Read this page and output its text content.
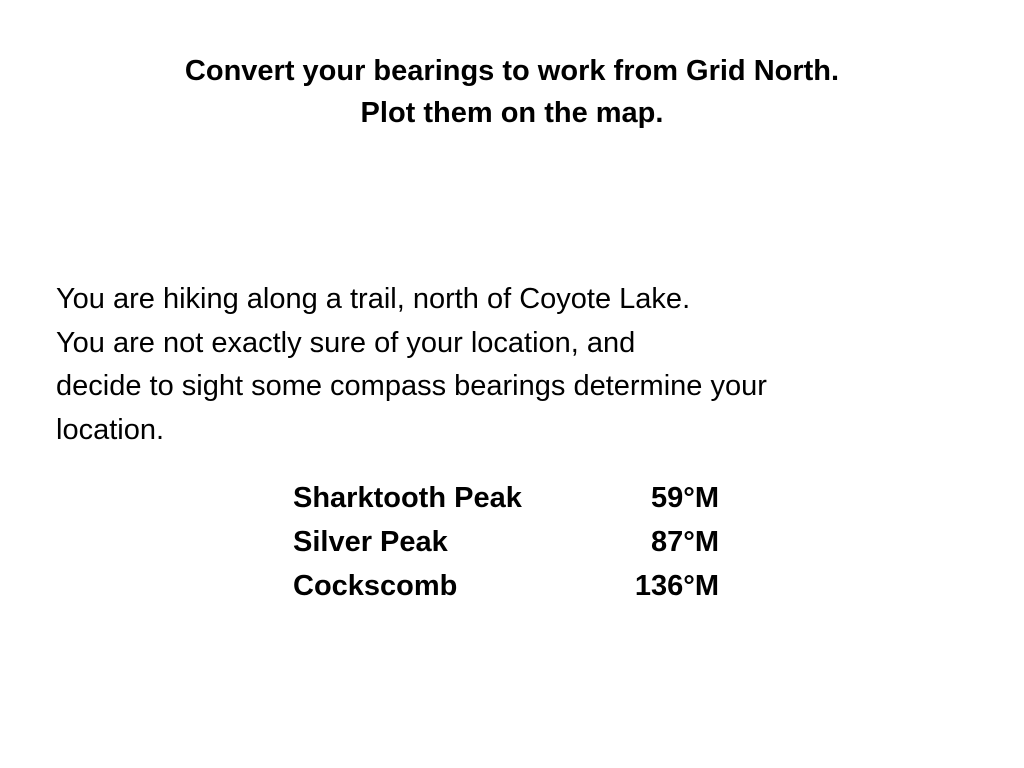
Convert your bearings to work from Grid North.
Plot them on the map.
You are hiking along a trail, north of Coyote Lake.
You are not exactly sure of your location, and
decide to sight some compass bearings determine your
location.
Sharktooth Peak	59°M
Silver Peak	87°M
Cockscomb	136°M
